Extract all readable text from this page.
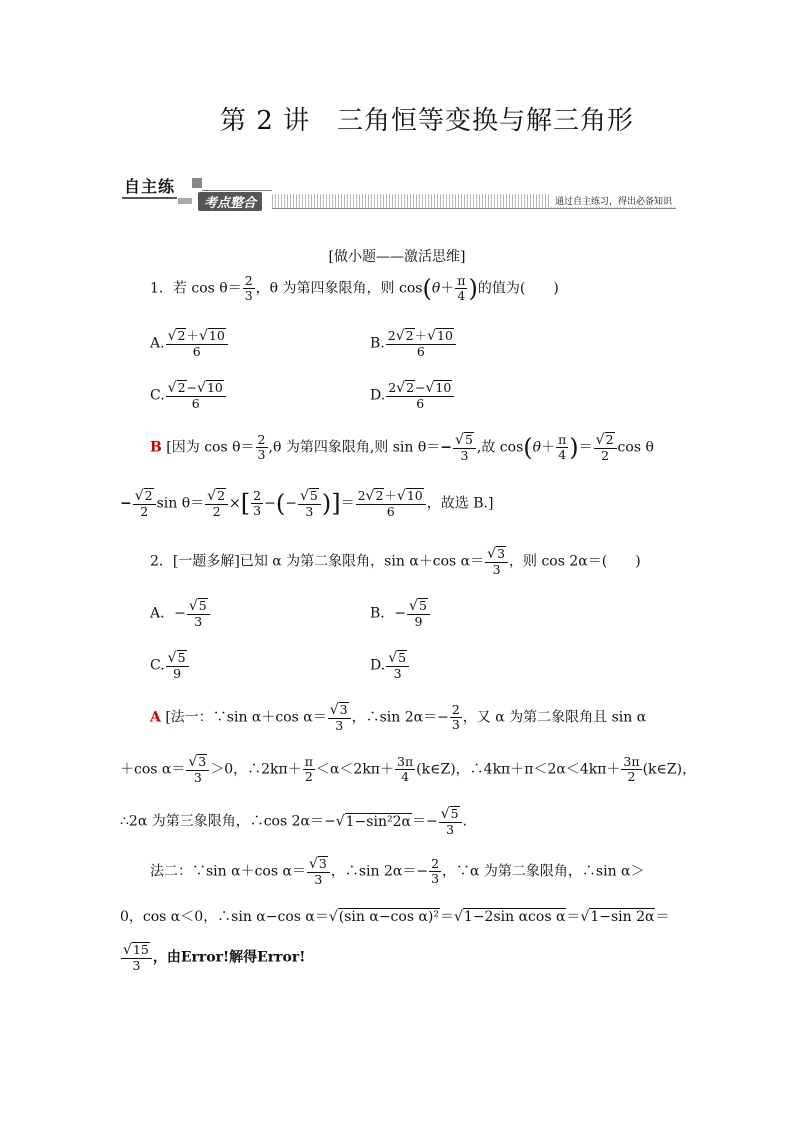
第 2 讲　三角恒等变换与解三角形
自主练
考点整合	通过自主练习，得出必备知识
[做小题——激活思维]
1．若 $\cos \theta= \frac{2}{3}$ ，θ 为第四象限角，则 $\cos(\theta+ \frac{\pi}{4}$ )的值为(　　)
A. $\frac{√2+√10}{6}$	B. $\frac{2√2+√10}{6}$
C. $\frac{√2-√10}{6}$	D. $\frac{2√2-√10}{6}$
B [因为 $\cos \theta= \frac{2}{3} ,\theta$ 为第四象限角,则 $\sin \theta=- \frac{√5}{3}$ ,故 $\cos(\theta+ \frac{\pi}{4}$ )＝ $\frac{√2}{2}$ cos θ
− $\frac{√2}{2}$ $\sin \theta= \frac{√2}{2}$ ×[ $\frac{2}{3}$ −(− $\frac{√5}{3}$ )]＝ $\frac{2√2+√10}{6}$ ，故选 B.]
2．[一题多解]已知 α 为第二象限角，sin α＋cos $\alpha= \frac{√3}{3}$ ，则 cos 2α＝(　　)
A．− $\frac{√5}{3}$	B．− $\frac{√5}{9}$
C. $\frac{√5}{9}$	D. $\frac{√5}{3}$
A [法一：∵sin α＋cos $\alpha= \frac{√3}{3}$ ，∴sin $2\alpha=- \frac{2}{3}$ ，又 α 为第二象限角且 sin α
＋cos $\alpha= \frac{√3}{3} >0$，∴2kπ＋ $\frac{\pi}{2} <\alpha<2k\pi+ \frac{3\pi}{4}$ (k∈Z)，∴4kπ＋π＜2α＜4kπ＋ $\frac{3\pi}{2}$ (k∈Z)，
∴2α 为第三象限角，∴cos $2\alpha=-√1-\sin^22\alpha=- \frac{√5}{3}$ .
法二：∵sin α＋cos $\alpha= \frac{√3}{3}$ ，∴sin $2\alpha=- \frac{2}{3}$ ，∵α 为第二象限角，∴sin α＞
0，cos α＜0，∴sin α−cos α＝√(sin α−cos α)²＝√1−2sin αcos α＝√1−sin 2α＝
$\frac{√15}{3}$ ，由Error!解得Error!
